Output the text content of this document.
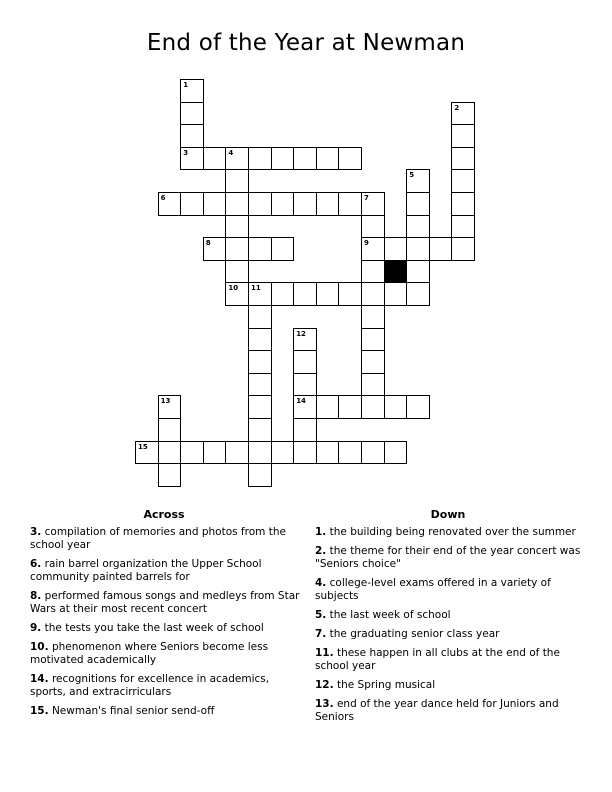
End of the Year at Newman
1
3
2
4
5
6	7
9
8
10 11
12
14
13
15
Across	Down
3. compilation of memories and photos from the school year
6. rain barrel organization the Upper School community painted barrels for
8. performed famous songs and medleys from Star Wars at their most recent concert
9. the tests you take the last week of school
10. phenomenon where Seniors become less motivated academically
14. recognitions for excellence in academics, sports, and extracirriculars
15. Newman's final senior send-off
1. the building being renovated over the summer
2. the theme for their end of the year concert was "Seniors choice"
4. college-level exams offered in a variety of subjects
5. the last week of school
7. the graduating senior class year
11. these happen in all clubs at the end of the school year
12. the Spring musical
13. end of the year dance held for Juniors and Seniors
